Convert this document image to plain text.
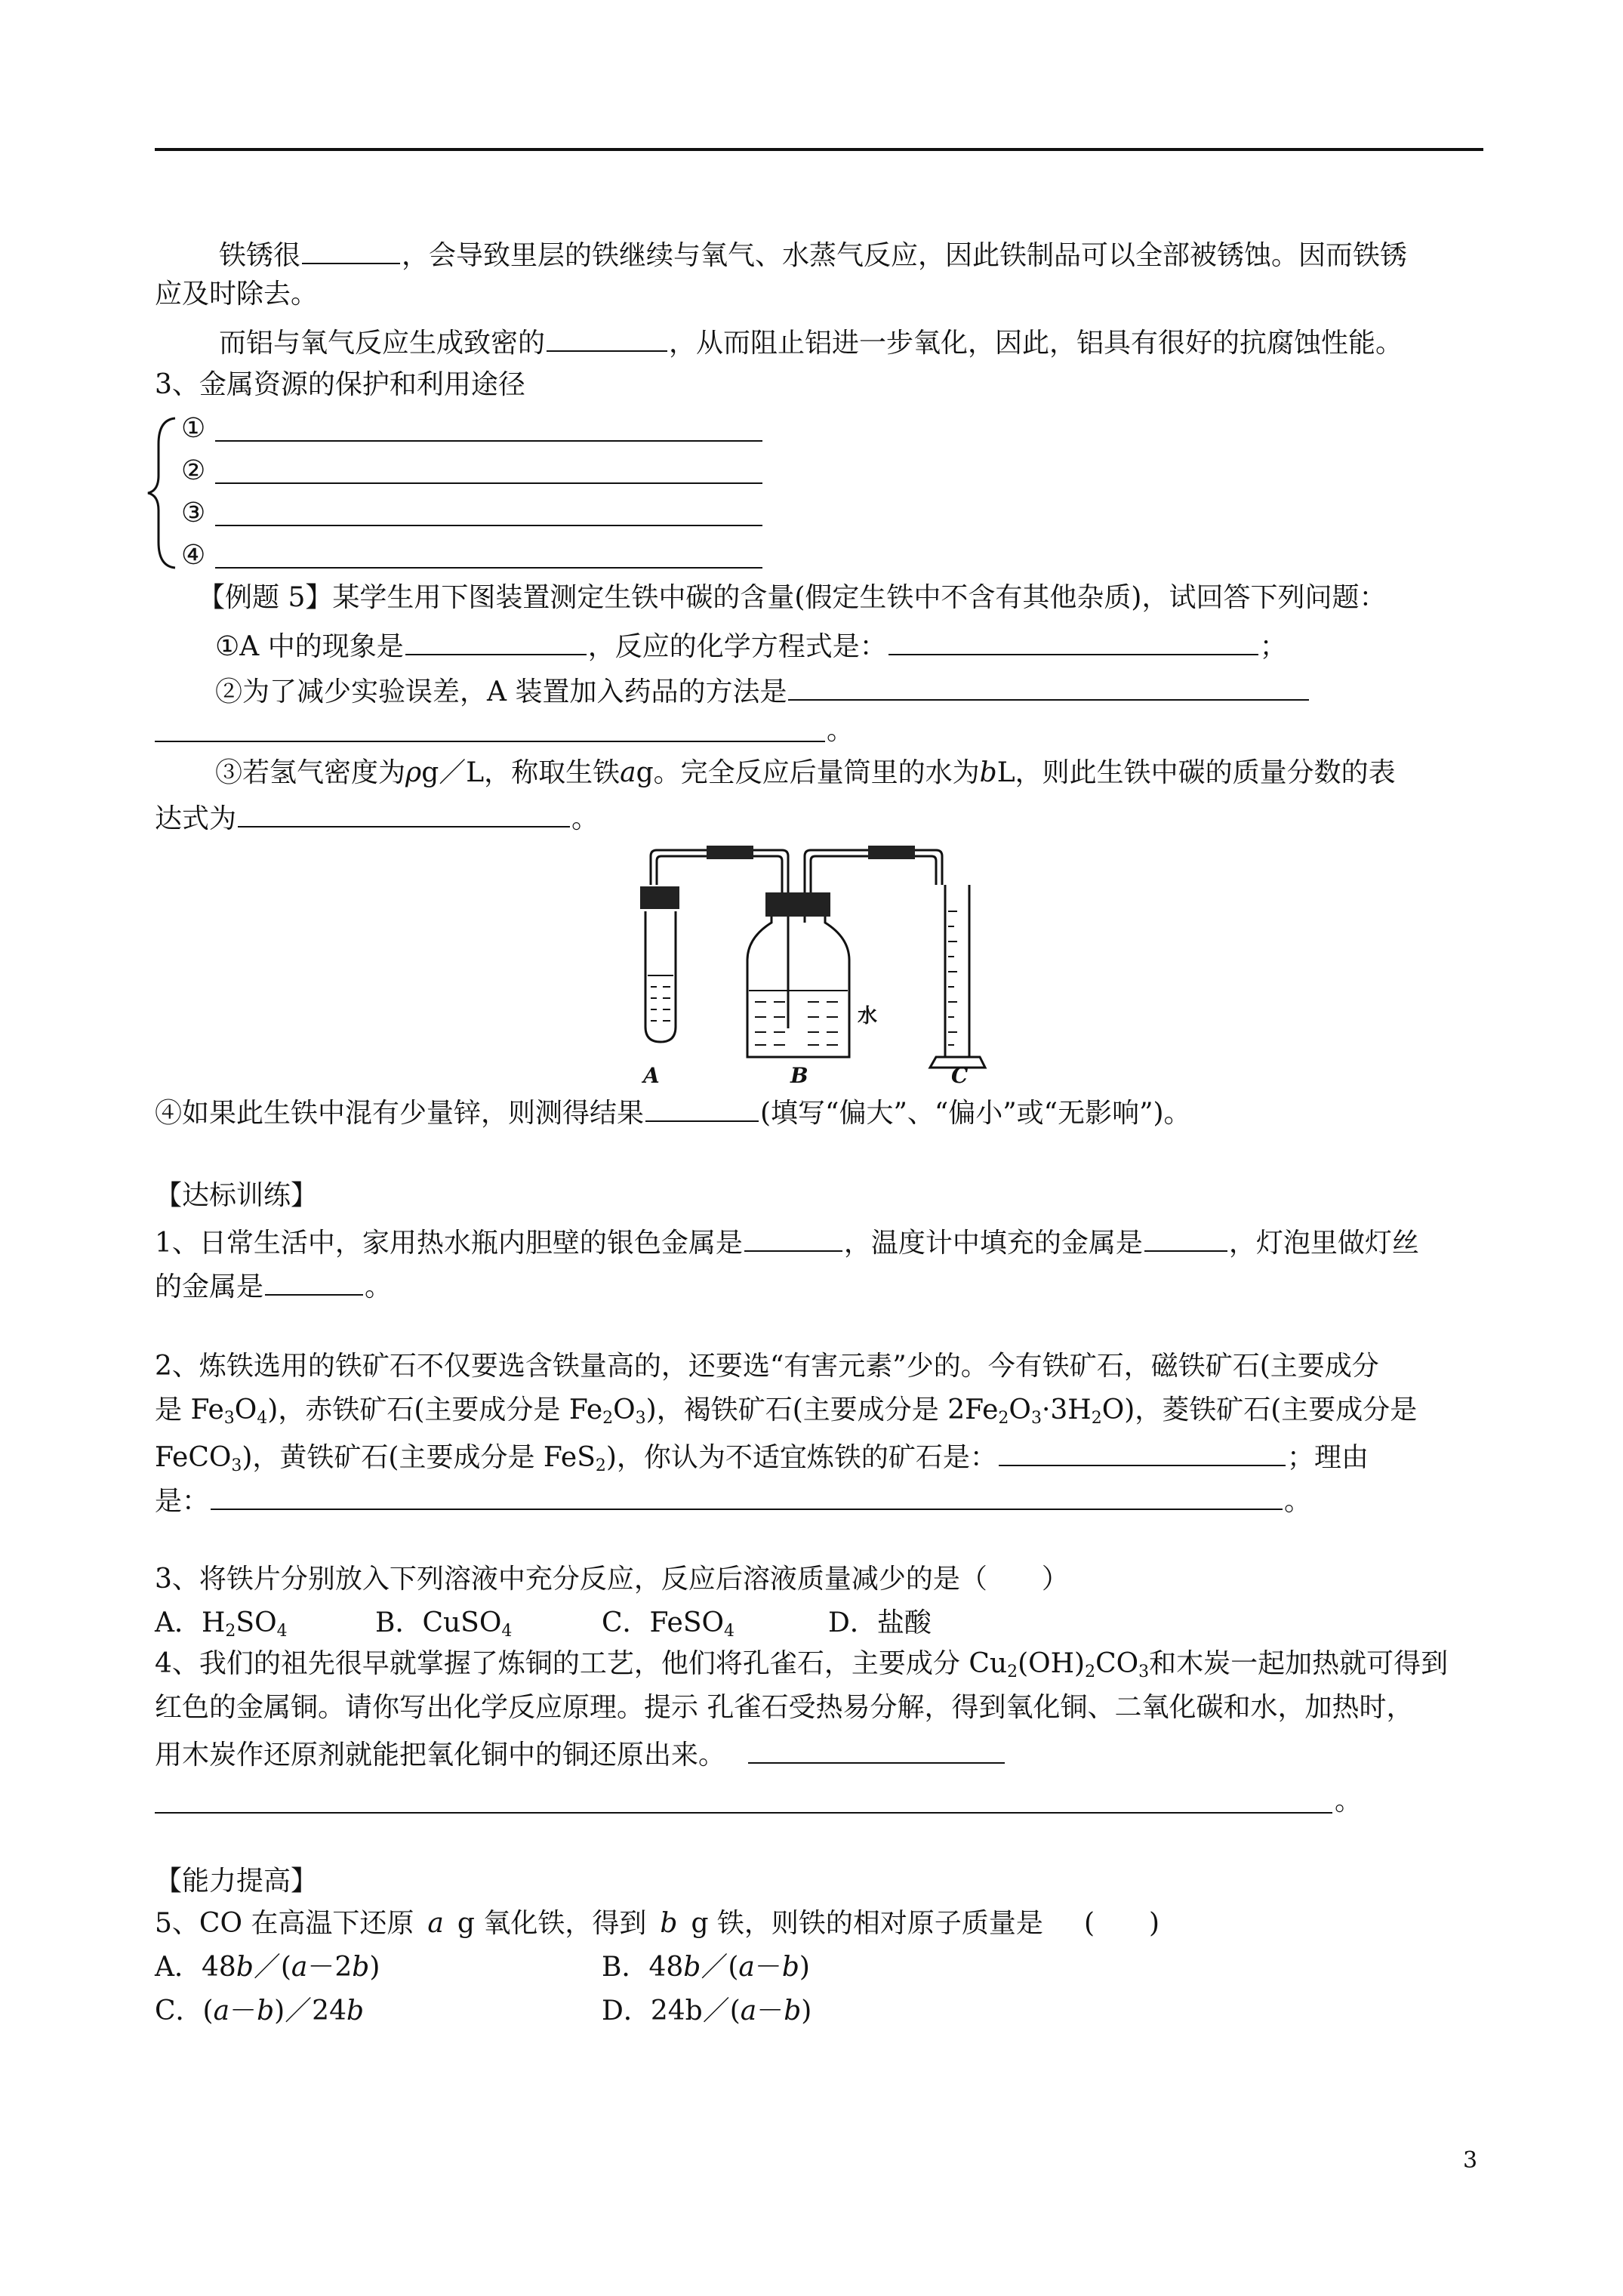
铁锈很	，会导致里层的铁继续与氧气、水蒸气反应，因此铁制品可以全部被锈蚀。因而铁锈
应及时除去。
而铝与氧气反应生成致密的	，从而阻止铝进一步氧化，因此，铝具有很好的抗腐蚀性能。
3、金属资源的保护和利用途径
①
②
③
④
【例题 5】某学生用下图装置测定生铁中碳的含量(假定生铁中不含有其他杂质)，试回答下列问题：
①A 中的现象是	，反应的化学方程式是：	；
②为了减少实验误差，A 装置加入药品的方法是
。
③若氢气密度为ρg／L，称取生铁ag。完全反应后量筒里的水为bL，则此生铁中碳的质量分数的表
达式为	。
水
A	B	C
④如果此生铁中混有少量锌，则测得结果	(填写“偏大”、“偏小”或“无影响”)。
【达标训练】
1、日常生活中，家用热水瓶内胆壁的银色金属是	，温度计中填充的金属是	，灯泡里做灯丝
的金属是	。
2、炼铁选用的铁矿石不仅要选含铁量高的，还要选“有害元素”少的。今有铁矿石，磁铁矿石(主要成分
是 $Fe_3O_4$)，赤铁矿石(主要成分是 $Fe_2O_3$)，褐铁矿石(主要成分是 $2Fe_2O_3\cdot 3H_2O$)，菱铁矿石(主要成分是
FeCO$_3$)，黄铁矿石(主要成分是 FeS$_2$)，你认为不适宜炼铁的矿石是：	；理由
是：	。
3、将铁片分别放入下列溶液中充分反应，反应后溶液质量减少的是（　　）
A．$H_2SO_4$	B．CuSO$_4$	C．FeSO$_4$	D．盐酸
4、我们的祖先很早就掌握了炼铜的工艺，他们将孔雀石，主要成分 $Cu_2(OH)_2CO_3$和木炭一起加热就可得到
红色的金属铜。请你写出化学反应原理。提示 孔雀石受热易分解，得到氧化铜、二氧化碳和水，加热时，
用木炭作还原剂就能把氧化铜中的铜还原出来。
。
【能力提高】
5、CO 在高温下还原  a  g 氧化铁，得到  b  g 铁，则铁的相对原子质量是   (　　)
A．48b／(a－2b)	B．48b／(a－b)
C．(a－b)／24b	D．24b／(a－b)
3
